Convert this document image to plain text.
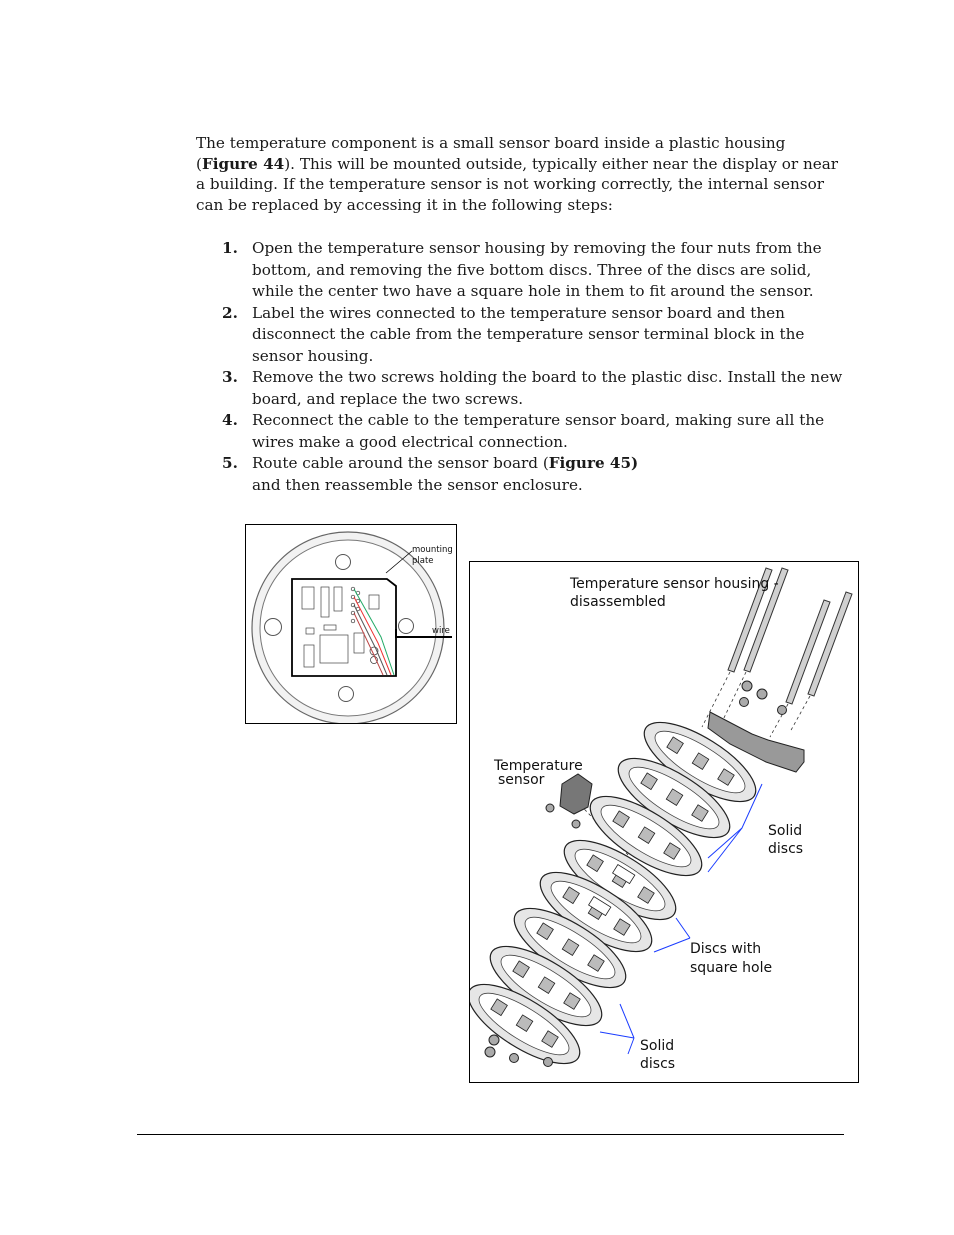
The temperature component is a small sensor board inside a plastic housing (Figure 44). This will be mounted outside, typically either near the display or near a building. If the temperature sensor is not working correctly, the internal sensor can be replaced by accessing it in the following steps:

1. Open the temperature sensor housing by removing the four nuts from the bottom, and removing the five bottom discs. Three of the discs are solid, while the center two have a square hole in them to fit around the sensor.
2. Label the wires connected to the temperature sensor board and then disconnect the cable from the temperature sensor terminal block in the sensor housing.
3. Remove the two screws holding the board to the plastic disc. Install the new board, and replace the two screws.
4. Reconnect the cable to the temperature sensor board, making sure all the wires make a good electrical connection.
5. Route cable around the sensor board (Figure 45)
and then reassemble the sensor enclosure.
mounting
plate
wire
Temperature sensor housing -
disassembled
Temperature
sensor
Solid
discs
Discs with
square hole
Solid
discs
